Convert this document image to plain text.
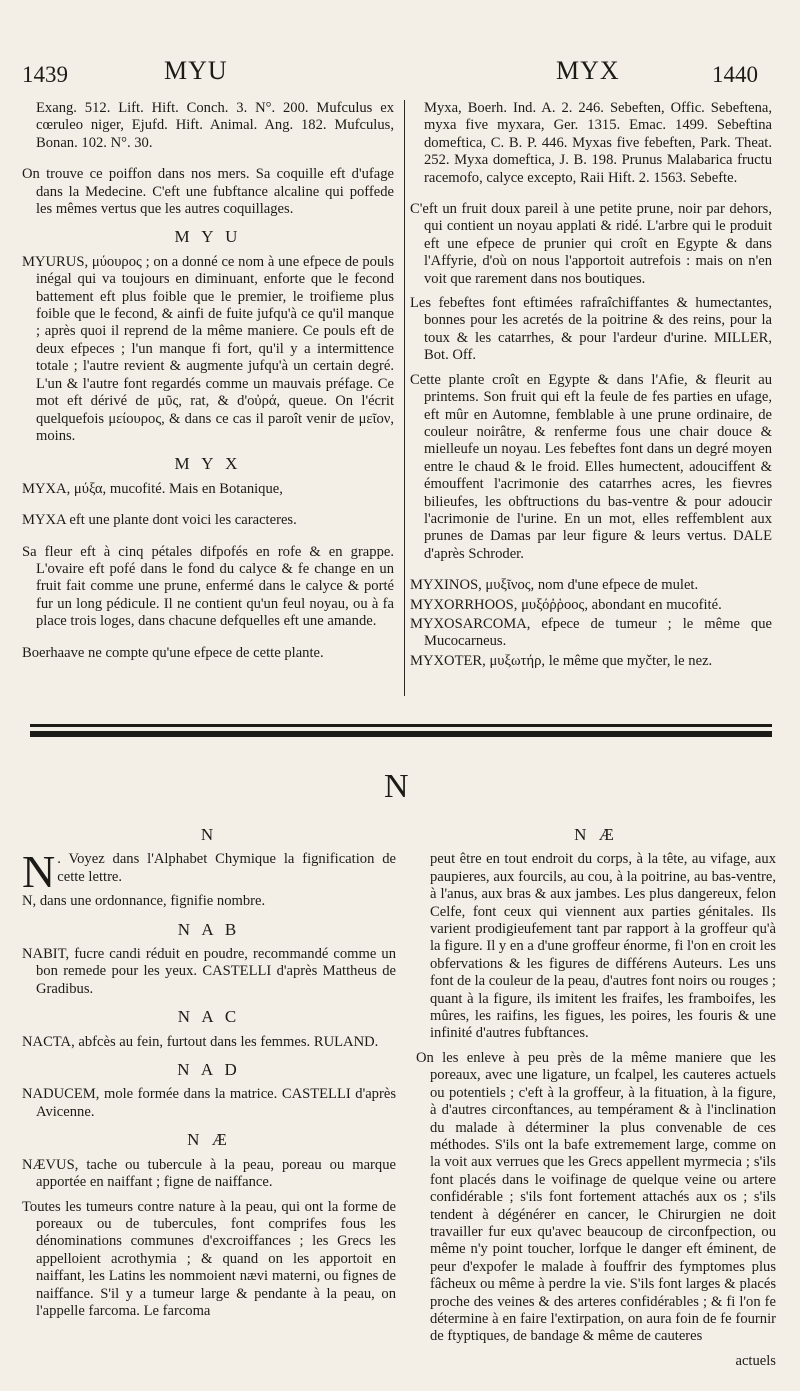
1439	MYU	MYX	1440

Exang. 512. Lift. Hift. Conch. 3. N°. 200. Mufculus ex cœruleo niger, Ejufd. Hift. Animal. Ang. 182. Mufculus, Bonan. 102. N°. 30.

On trouve ce poiffon dans nos mers. Sa coquille eft d'ufage dans la Medecine. C'eft une fubftance alcaline qui poffede les mêmes vertus que les autres coquillages.

M Y U

MYURUS, μύουρος ; on a donné ce nom à une efpece de pouls inégal qui va toujours en diminuant, enforte que le fecond battement eft plus foible que le premier, le troifieme plus foible que le fecond, & ainfi de fuite jufqu'à ce qu'il manque ; après quoi il reprend de la même maniere. Ce pouls eft de deux efpeces ; l'un manque fi fort, qu'il y a intermittence totale ; l'autre revient & augmente jufqu'à un certain degré. L'un & l'autre font regardés comme un mauvais préfage. Ce mot eft dérivé de μῦς, rat, & d'οὐρά, queue. On l'écrit quelquefois μείουρος, & dans ce cas il paroît venir de μεῖον, moins.

M Y X

MYXA, μύξα, mucofité. Mais en Botanique,

MYXA eft une plante dont voici les caracteres.

Sa fleur eft à cinq pétales difpofés en rofe & en grappe. L'ovaire eft pofé dans le fond du calyce & fe change en un fruit fait comme une prune, enfermé dans le calyce & porté fur un long pédicule. Il ne contient qu'un feul noyau, ou à fa place trois loges, dans chacune defquelles eft une amande.

Boerhaave ne compte qu'une efpece de cette plante.

Myxa, Boerh. Ind. A. 2. 246. Sebeften, Offic. Sebeftena, myxa five myxara, Ger. 1315. Emac. 1499. Sebeftina domeftica, C. B. P. 446. Myxas five febeften, Park. Theat. 252. Myxa domeftica, J. B. 198. Prunus Malabarica fructu racemofo, calyce excepto, Raii Hift. 2. 1563. Sebefte.

C'eft un fruit doux pareil à une petite prune, noir par dehors, qui contient un noyau applati & ridé. L'arbre qui le produit eft une efpece de prunier qui croît en Egypte & dans l'Affyrie, d'où on nous l'apportoit autrefois : mais on n'en voit que rarement dans nos boutiques.

Les febeftes font eftimées rafraîchiffantes & humectantes, bonnes pour les acretés de la poitrine & des reins, pour la toux & les catarrhes, & pour l'ardeur d'urine. MILLER, Bot. Off.

Cette plante croît en Egypte & dans l'Afie, & fleurit au printems. Son fruit qui eft la feule de fes parties en ufage, eft mûr en Automne, femblable à une prune ordinaire, de couleur noirâtre, & renferme fous une chair douce & mielleufe un noyau. Les febeftes font dans un degré moyen entre le chaud & le froid. Elles humectent, adouciffent & émouffent l'acrimonie des catarrhes acres, les fievres bilieufes, les obftructions du bas-ventre & pour adoucir l'acrimonie de l'urine. En un mot, elles reffemblent aux prunes de Damas par leur figure & leurs vertus. DALE d'après Schroder.

MYXINOS, μυξῖνος, nom d'une efpece de mulet.

MYXORRHOOS, μυξόῤῥοος, abondant en mucofité.

MYXOSARCOMA, efpece de tumeur ; le même que Mucocarneus.

MYXOTER, μυξωτήρ, le même que myčter, le nez.

N
N

N . Voyez dans l'Alphabet Chymique la fignification de cette lettre.

N, dans une ordonnance, fignifie nombre.

N A B

NABIT, fucre candi réduit en poudre, recommandé comme un bon remede pour les yeux. CASTELLI d'après Mattheus de Gradibus.

N A C

NACTA, abfcès au fein, furtout dans les femmes. RULAND.

N A D

NADUCEM, mole formée dans la matrice. CASTELLI d'après Avicenne.

N Æ

NÆVUS, tache ou tubercule à la peau, poreau ou marque apportée en naiffant ; figne de naiffance.

Toutes les tumeurs contre nature à la peau, qui ont la forme de poreaux ou de tubercules, font comprifes fous les dénominations communes d'excroiffances ; les Grecs les appelloient acrothymia ; & quand on les apportoit en naiffant, les Latins les nommoient nævi materni, ou fignes de naiffance. S'il y a tumeur large & pendante à la peau, on l'appelle farcoma. Le farcoma

N Æ

peut être en tout endroit du corps, à la tête, au vifage, aux paupieres, aux fourcils, au cou, à la poitrine, au bas-ventre, à l'anus, aux bras & aux jambes. Les plus dangereux, felon Celfe, font ceux qui viennent aux parties génitales. Ils varient prodigieufement tant par rapport à la groffeur qu'à la figure. Il y en a d'une groffeur énorme, fi l'on en croit les obfervations & les figures de différens Auteurs. Les uns font de la couleur de la peau, d'autres font noirs ou rouges ; quant à la figure, ils imitent les fraifes, les framboifes, les mûres, les raifins, les figues, les poires, les fouris & une infinité d'autres fubftances.

On les enleve à peu près de la même maniere que les poreaux, avec une ligature, un fcalpel, les cauteres actuels ou potentiels ; c'eft à la groffeur, à la fituation, à la figure, à d'autres circonftances, au tempérament & à l'inclination du malade à déterminer la plus convenable de ces méthodes. S'ils ont la bafe extremement large, comme on la voit aux verrues que les Grecs appellent myrmecia ; s'ils font placés dans le voifinage de quelque veine ou artere confidérable ; s'ils font fortement attachés aux os ; s'ils tendent à dégénérer en cancer, le Chirurgien ne doit travailler fur eux qu'avec beaucoup de circonfpection, ou même n'y point toucher, lorfque le danger eft éminent, de peur d'expofer le malade à fouffrir des fymptomes plus fâcheux ou même à perdre la vie. S'ils font larges & placés proche des veines & des arteres confidérables ; & fi l'on fe détermine à en faire l'extirpation, on aura foin de fe fournir de ftyptiques, de bandage & même de cauteres

actuels
